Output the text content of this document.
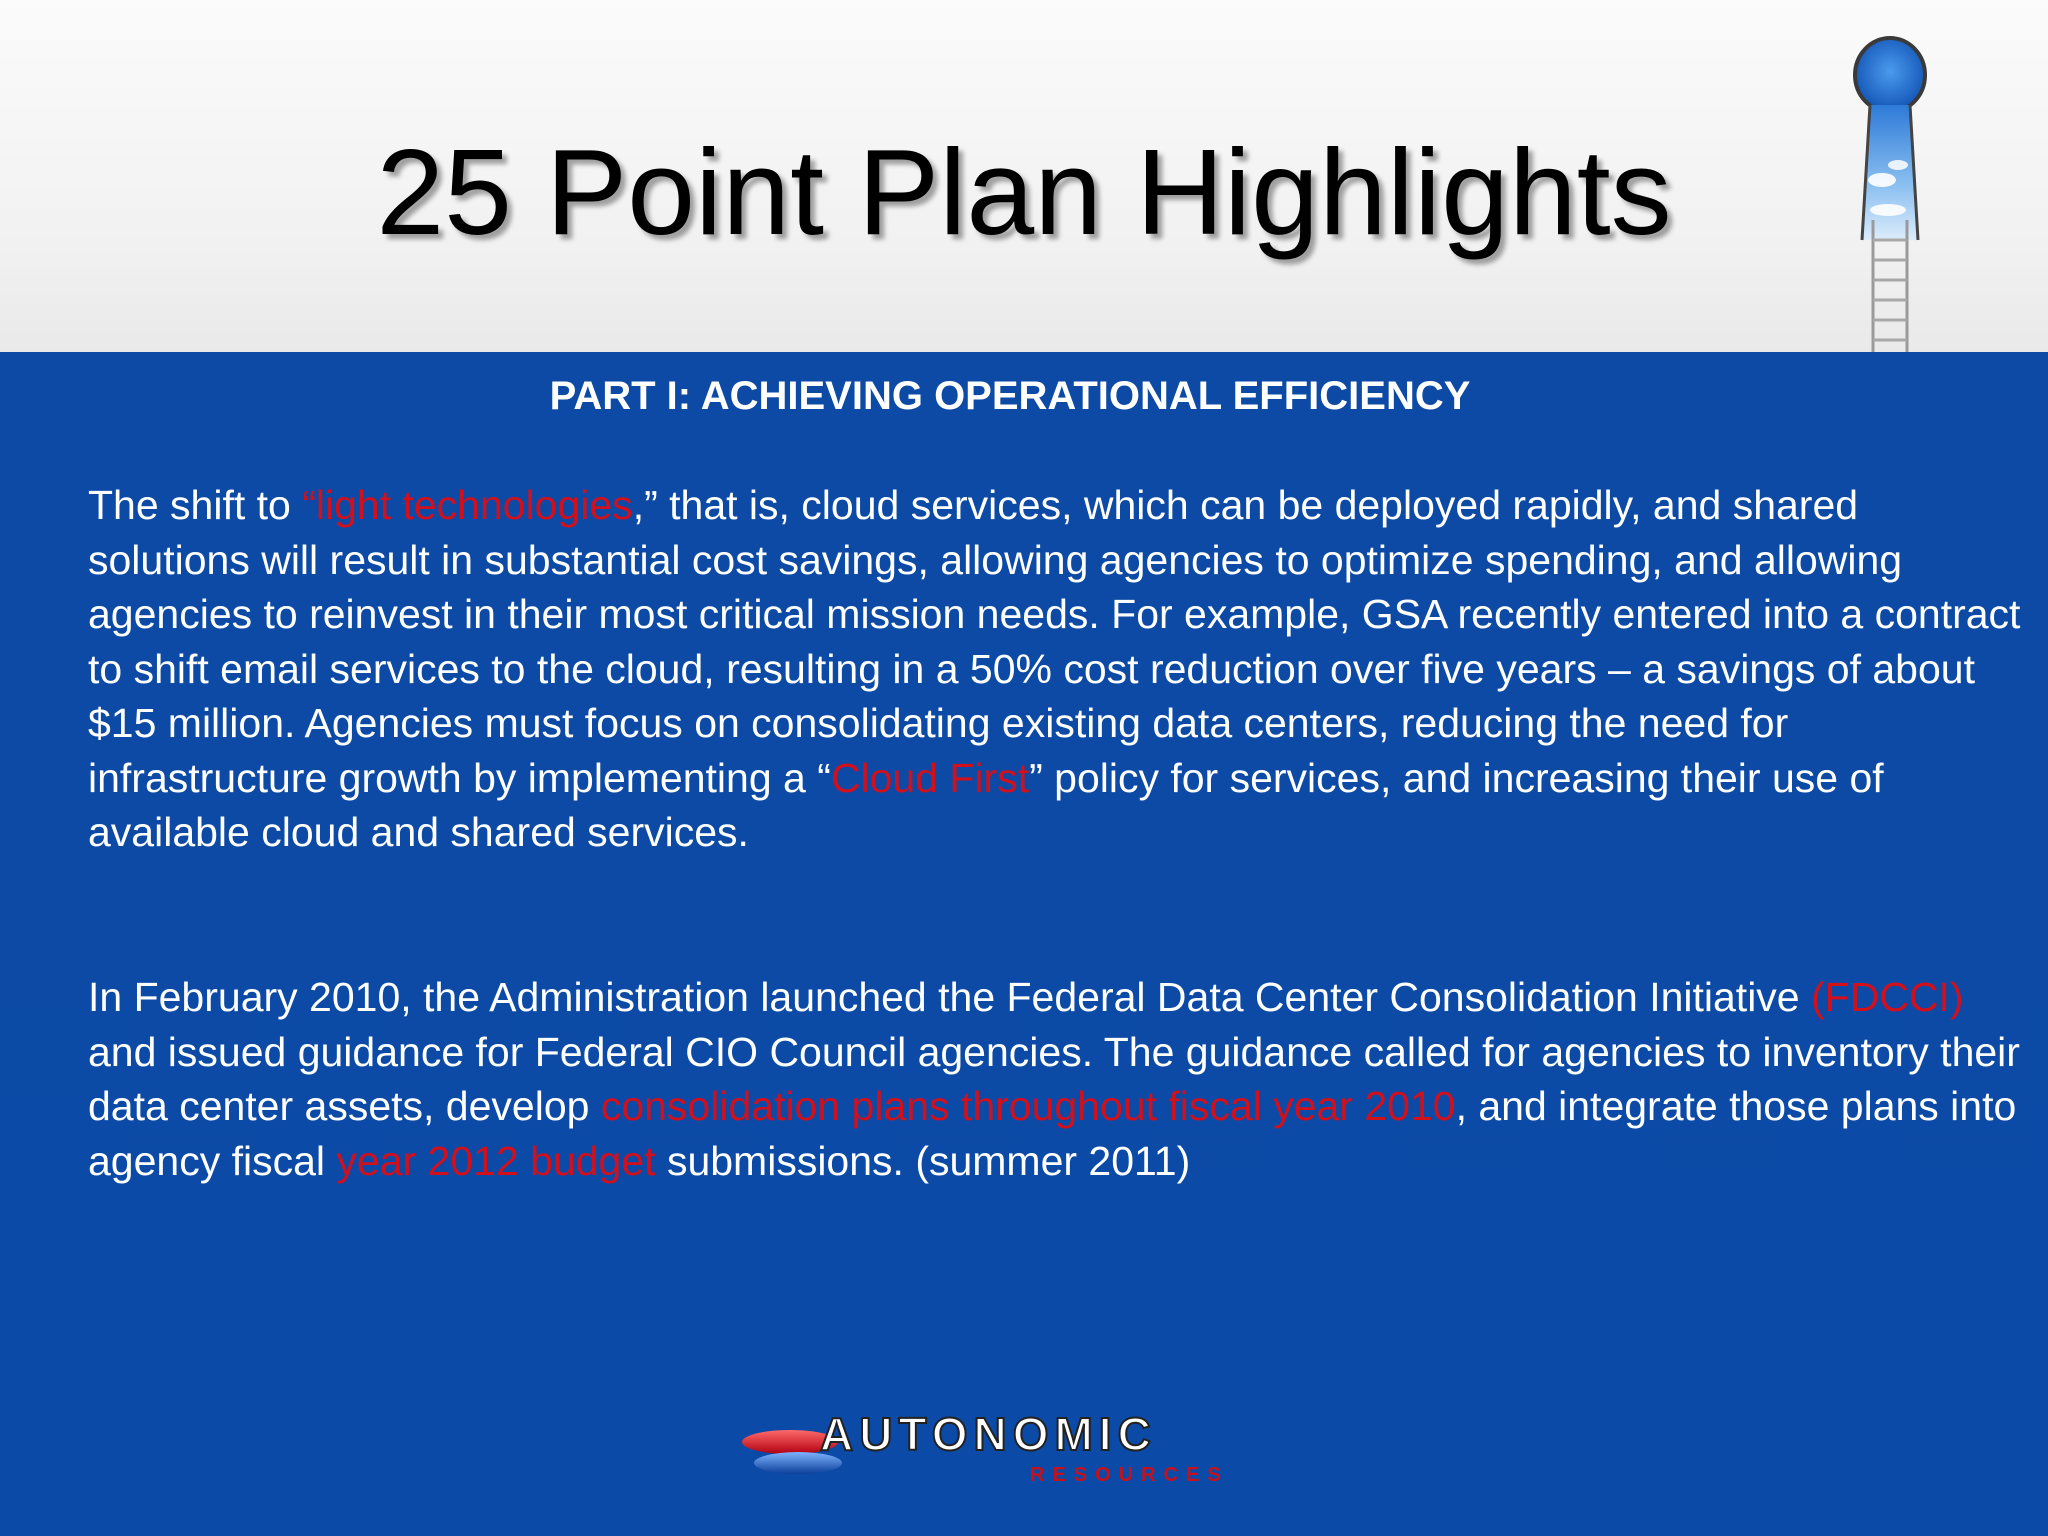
25 Point Plan Highlights
PART I: ACHIEVING OPERATIONAL EFFICIENCY

The shift to “light technologies,” that is, cloud services, which can be deployed rapidly, and shared solutions will result in substantial cost savings, allowing agencies to optimize spending, and allowing agencies to reinvest in their most critical mission needs. For example, GSA recently entered into a contract to shift email services to the cloud, resulting in a 50% cost reduction over five years – a savings of about $15 million. Agencies must focus on consolidating existing data centers, reducing the need for infrastructure growth by implementing a “Cloud First” policy for services, and increasing their use of available cloud and shared services.

In February 2010, the Administration launched the Federal Data Center Consolidation Initiative (FDCCI) and issued guidance for Federal CIO Council agencies. The guidance called for agencies to inventory their data center assets, develop consolidation plans throughout fiscal year 2010, and integrate those plans into agency fiscal year 2012 budget submissions. (summer 2011)

AUTONOMIC
RESOURCES
